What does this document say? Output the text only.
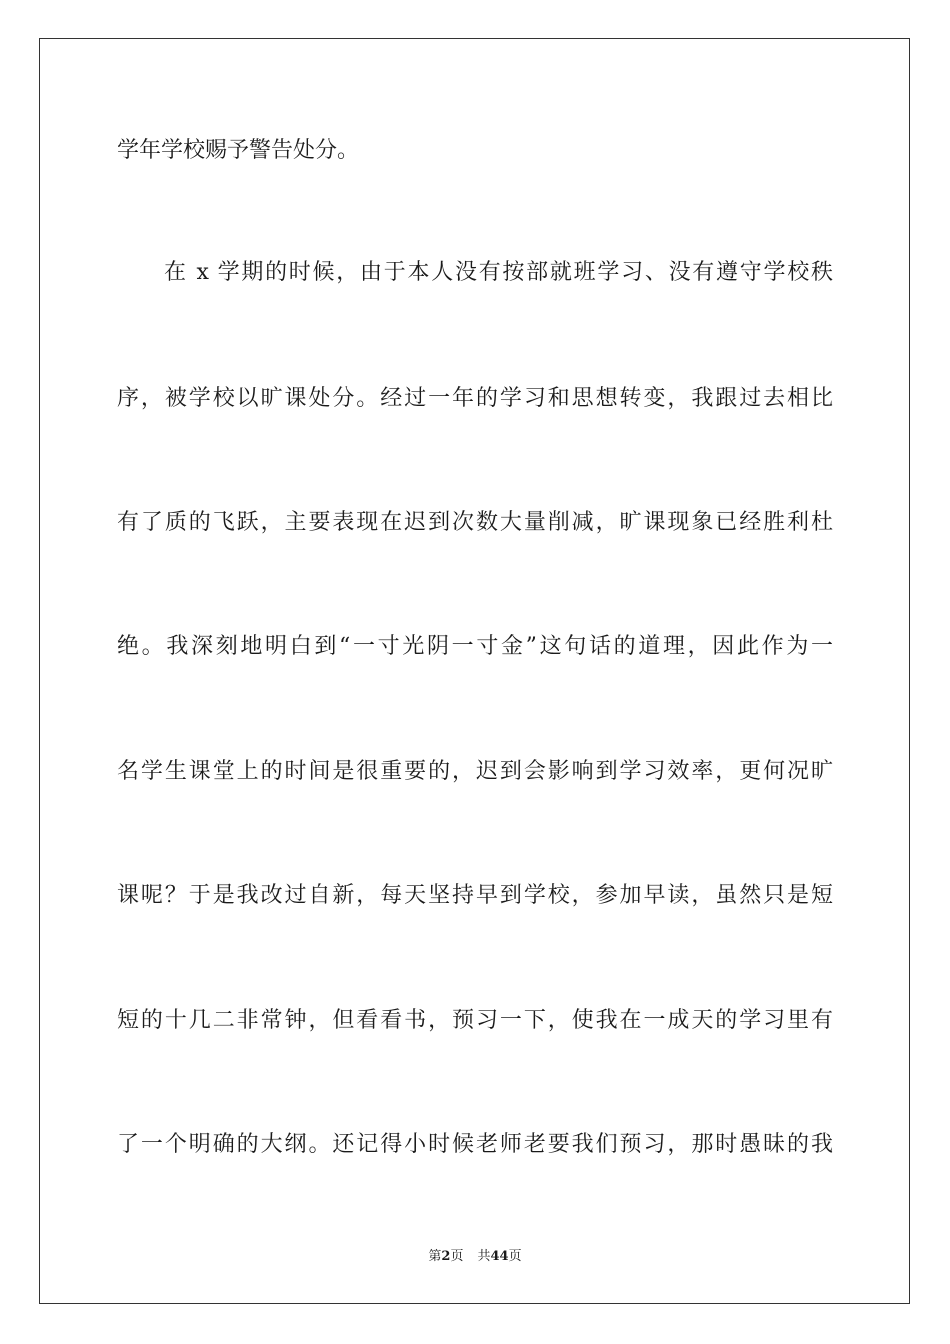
学年学校赐予警告处分。
在 x 学期的时候，由于本人没有按部就班学习、没有遵守学校秩
序，被学校以旷课处分。经过一年的学习和思想转变，我跟过去相比
有了质的飞跃，主要表现在迟到次数大量削减，旷课现象已经胜利杜
绝。我深刻地明白到“一寸光阴一寸金”这句话的道理，因此作为一
名学生课堂上的时间是很重要的，迟到会影响到学习效率，更何况旷
课呢？于是我改过自新，每天坚持早到学校，参加早读，虽然只是短
短的十几二非常钟，但看看书，预习一下，使我在一成天的学习里有
了一个明确的大纲。还记得小时候老师老要我们预习，那时愚昧的我
第2页 共44页
